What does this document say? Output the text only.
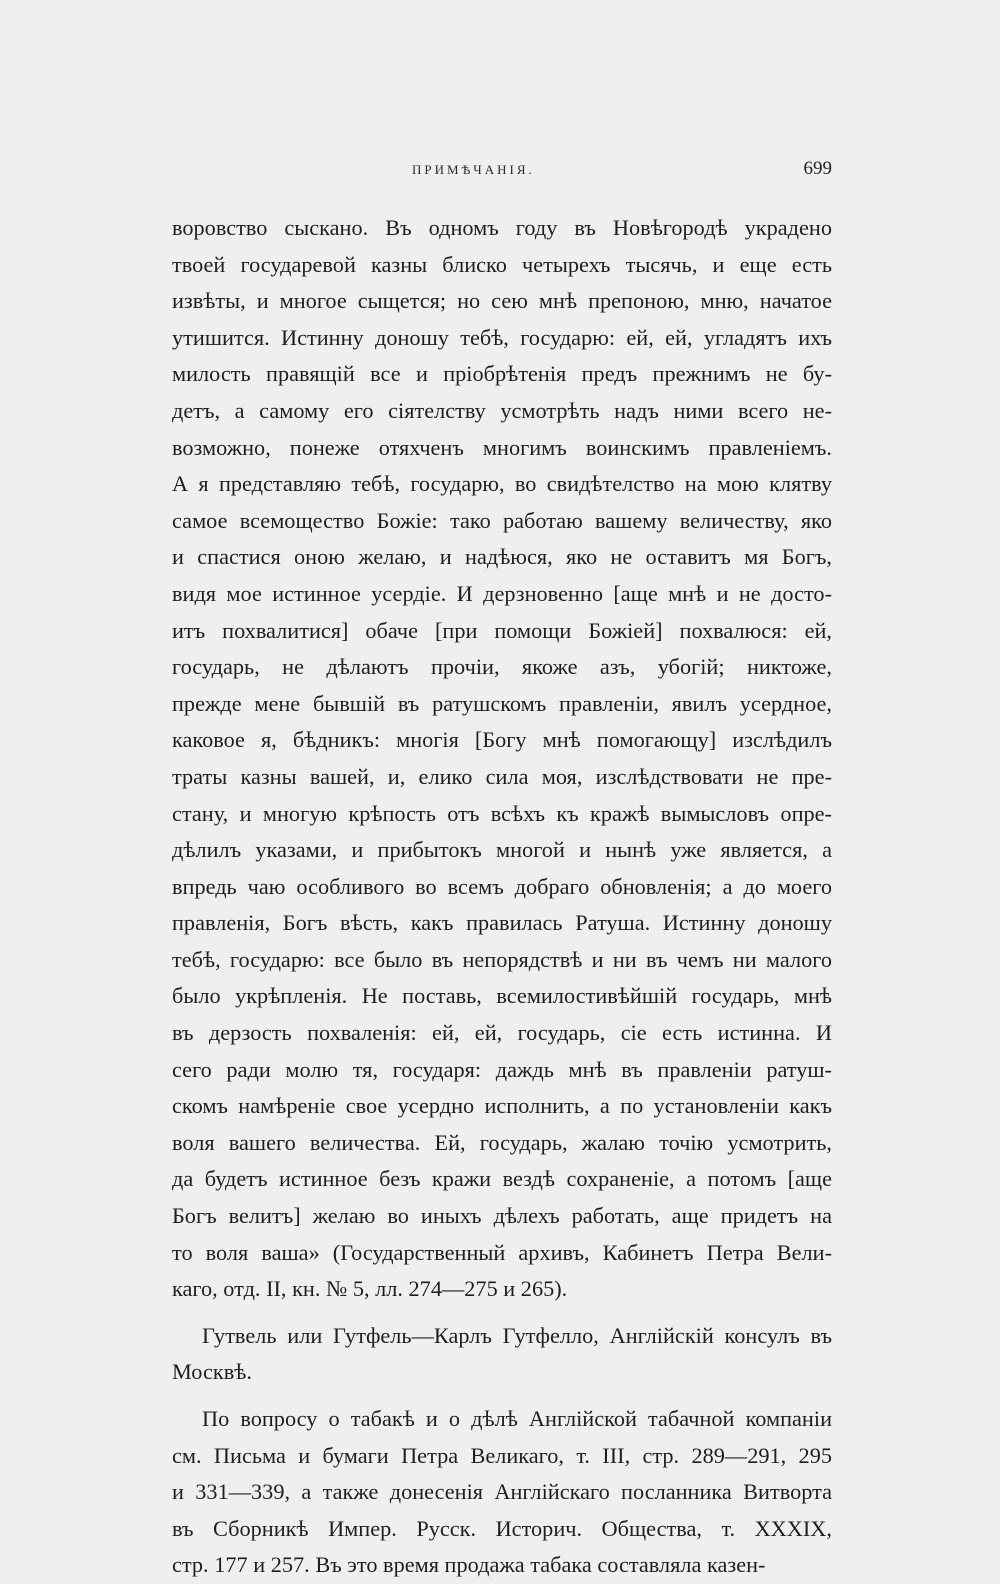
ПРИМѢЧАНІЯ.	699
воровство сыскано. Въ одномъ году въ Новѣгородѣ украдено
твоей государевой казны блиско четырехъ тысячь, и еще есть
извѣты, и многое сыщется; но сею мнѣ препоною, мню, начатое
утишится. Истинну доношу тебѣ, государю: ей, ей, угладятъ ихъ
милость правящій все и пріобрѣтенія предъ прежнимъ не бу-
детъ, а самому его сіятелству усмотрѣть надъ ними всего не-
возможно, понеже отяхченъ многимъ воинскимъ правленіемъ.
А я представляю тебѣ, государю, во свидѣтелство на мою клятву
самое всемоществo Божіе: тако работаю вашему величеству, яко
и спастися оною желаю, и надѣюся, яко не оставитъ мя Богъ,
видя мое истинное усердіе. И дерзновенно [аще мнѣ и не досто-
итъ похвалитися] обаче [при помощи Божіей] похвалюся: ей,
государь, не дѣлаютъ прочіи, якоже азъ, убогій; никтоже,
прежде мене бывшій въ ратушскомъ правленіи, явилъ усердное,
каковое я, бѣдникъ: многія [Богу мнѣ помогающу] изслѣдилъ
траты казны вашей, и, елико сила моя, изслѣдствовати не пре-
стану, и многую крѣпость отъ всѣхъ къ кражѣ вымысловъ опре-
дѣлилъ указами, и прибытокъ многой и нынѣ уже является, а
впредь чаю особливого во всемъ добраго обновленія; а до моего
правленія, Богъ вѣсть, какъ правилась Ратуша. Истинну доношу
тебѣ, государю: все было въ непорядствѣ и ни въ чемъ ни малого
было укрѣпленія. Не поставь, всемилостивѣйшій государь, мнѣ
въ дерзость похваленія: ей, ей, государь, сіе есть истинна. И
сего ради молю тя, государя: даждь мнѣ въ правленіи ратуш-
скомъ намѣреніе свое усердно исполнить, а по установленіи какъ
воля вашего величества. Ей, государь, жалаю точію усмотрить,
да будетъ истинное безъ кражи вездѣ сохраненіе, а потомъ [аще
Богъ велитъ] желаю во иныхъ дѣлехъ работать, аще придетъ на
то воля ваша» (Государственный архивъ, Кабинетъ Петра Вели-
каго, отд. II, кн. № 5, лл. 274—275 и 265).
Гутвель или Гутфель—Карлъ Гутфелло, Англійскій консулъ въ
Москвѣ.
По вопросу о табакѣ и о дѣлѣ Англійской табачной компаніи
см. Письма и бумаги Петра Великаго, т. III, стр. 289—291, 295
и 331—339, а также донесенія Англійскаго посланника Витворта
въ Сборникѣ Импер. Русск. Историч. Общества, т. XXXIX,
стр. 177 и 257. Въ это время продажа табака составляла казен-
